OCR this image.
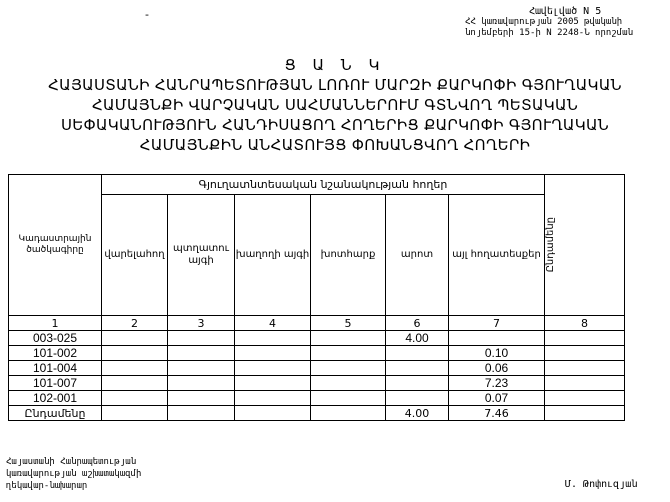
-	Հավելված N 5
ՀՀ կառավարության 2005 թվականի
նոյեմբերի 15-ի N 2248-Ն որոշման
Ց Ա Ն Կ
ՀԱՅԱՍՏԱՆԻ ՀԱՆՐԱՊԵՏՈՒԹՅԱՆ ԼՈՌՈՒ ՄԱՐԶԻ ՔԱՐԿՈՓԻ ԳՅՈՒՂԱԿԱՆ
ՀԱՄԱՅՆՔԻ ՎԱՐՉԱԿԱՆ ՍԱՀՄԱՆՆԵՐՈՒՄ ԳՏՆՎՈՂ ՊԵՏԱԿԱՆ
ՍԵՓԱԿԱՆՈՒԹՅՈՒՆ ՀԱՆԴԻՍԱՑՈՂ ՀՈՂԵՐԻՑ ՔԱՐԿՈՓԻ ԳՅՈՒՂԱԿԱՆ
ՀԱՄԱՅՆՔԻՆ ԱՆՀԱՏՈՒՅՑ ՓՈԽԱՆՑՎՈՂ ՀՈՂԵՐԻ
Կադաստրային ծածկագիրը	Գյուղատնտեսական նշանակության հողեր						Ընդամենը

	վարելահող	պտղատու այգի	խաղողի այգի	խոտհարք	արոտ	այլ հողատեսքեր	
1	2	3	4	5	6	7	8
003-025					4.00		
101-002						0.10	
101-004						0.06	
101-007						7.23	
102-001						0.07	
Ընդամենը					4.00	7.46	
Հայաստանի Հանրապետության
կառավարության աշխատակազմի
ղեկավար-նախարար	Մ. Թոփուզյան
